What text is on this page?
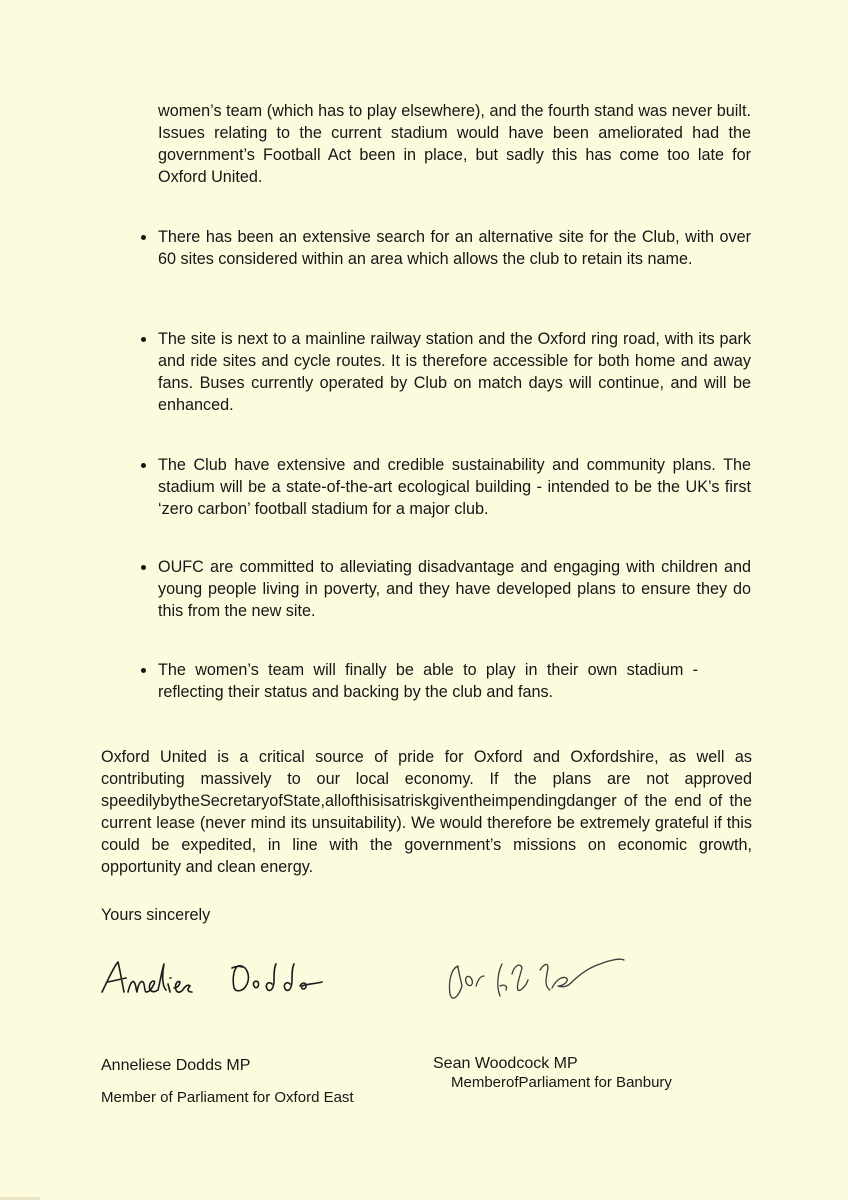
women’s team (which has to play elsewhere), and the fourth stand was never built. Issues relating to the current stadium would have been ameliorated had the government’s Football Act been in place, but sadly this has come too late for Oxford United.

There has been an extensive search for an alternative site for the Club, with over 60 sites considered within an area which allows the club to retain its name.
The site is next to a mainline railway station and the Oxford ring road, with its park and ride sites and cycle routes. It is therefore accessible for both home and away fans. Buses currently operated by Club on match days will continue, and will be enhanced.
The Club have extensive and credible sustainability and community plans. The stadium will be a state-of-the-art ecological building - intended to be the UK’s first ‘zero carbon’ football stadium for a major club.
OUFC are committed to alleviating disadvantage and engaging with children and young people living in poverty, and they have developed plans to ensure they do this from the new site.
The women’s team will finally be able to play in their own stadium - reflecting their status and backing by the club and fans.

Oxford United is a critical source of pride for Oxford and Oxfordshire, as well as contributing massively to our local economy. If the plans are not approved speedilybytheSecretaryofState,allofthisisatriskgiventheimpendingdanger of the end of the current lease (never mind its unsuitability). We would therefore be extremely grateful if this could be expedited, in line with the government’s missions on economic growth, opportunity and clean energy.

Yours sincerely

Anneliese Dodds MP

Member of Parliament for Oxford East

Sean Woodcock MP

MemberofParliament for Banbury
